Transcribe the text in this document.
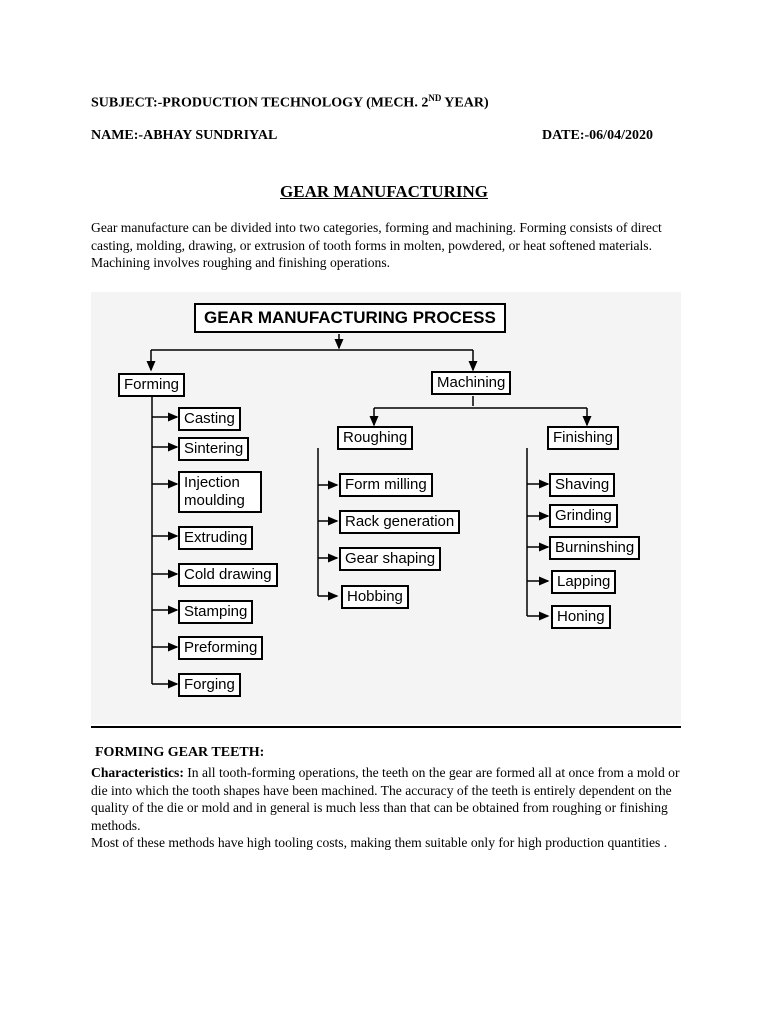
SUBJECT:-PRODUCTION TECHNOLOGY (MECH. 2ND YEAR)
NAME:-ABHAY SUNDRIYAL	DATE:-06/04/2020
GEAR MANUFACTURING
Gear manufacture can be divided into two categories, forming and machining. Forming consists of direct casting, molding, drawing, or extrusion of tooth forms in molten, powdered, or heat softened materials. Machining involves roughing and finishing operations.
GEAR MANUFACTURING PROCESS
Forming	Machining
Casting
Sintering
Injection moulding
Extruding
Cold drawing
Stamping
Preforming
Forging
Roughing
Form milling
Rack generation
Gear shaping
Hobbing
Finishing
Shaving
Grinding
Burninshing
Lapping
Honing
FORMING GEAR TEETH:
Characteristics: In all tooth-forming operations, the teeth on the gear are formed all at once from a mold or die into which the tooth shapes have been machined. The accuracy of the teeth is entirely dependent on the quality of the die or mold and in general is much less than that can be obtained from roughing or finishing methods.
Most of these methods have high tooling costs, making them suitable only for high production quantities .
